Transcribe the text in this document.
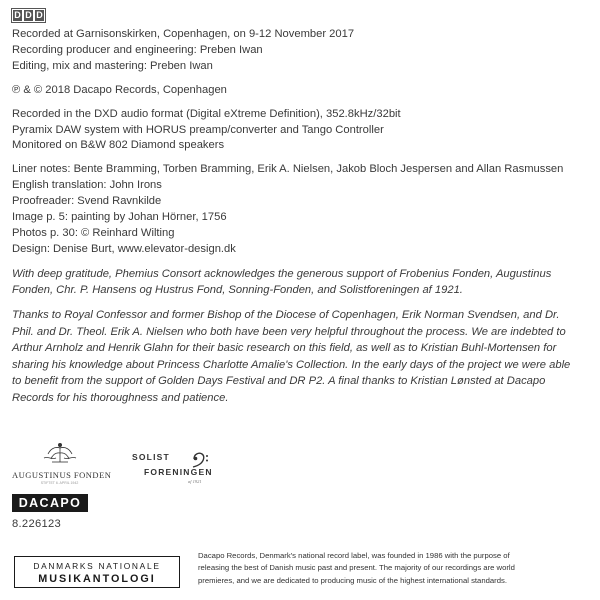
D D D
Recorded at Garnisonskirken, Copenhagen, on 9-12 November 2017
Recording producer and engineering: Preben Iwan
Editing, mix and mastering: Preben Iwan
℗ & © 2018 Dacapo Records, Copenhagen
Recorded in the DXD audio format (Digital eXtreme Definition), 352.8kHz/32bit
Pyramix DAW system with HORUS preamp/converter and Tango Controller
Monitored on B&W 802 Diamond speakers
Liner notes: Bente Bramming, Torben Bramming, Erik A. Nielsen, Jakob Bloch Jespersen and Allan Rasmussen
English translation: John Irons
Proofreader: Svend Ravnkilde
Image p. 5: painting by Johan Hörner, 1756
Photos p. 30: © Reinhard Wilting
Design: Denise Burt, www.elevator-design.dk
With deep gratitude, Phemius Consort acknowledges the generous support of Frobenius Fonden, Augustinus
Fonden, Chr. P. Hansens og Hustrus Fond, Sonning-Fonden, and Solistforeningen af 1921.
Thanks to Royal Confessor and former Bishop of the Diocese of Copenhagen, Erik Norman Svendsen, and Dr.
Phil. and Dr. Theol. Erik A. Nielsen who both have been very helpful throughout the process. We are indebted to
Arthur Arnholz and Henrik Glahn for their basic research on this field, as well as to Kristian Buhl-Mortensen for
sharing his knowledge about Princess Charlotte Amalie's Collection. In the early days of the project we were able
to benefit from the support of Golden Days Festival and DR P2. A final thanks to Kristian Lønsted at Dacapo
Records for his thoroughness and patience.
AUGUSTINUS FONDEN
STIFTET 6. APRIL 1942
SOLIST
FORENINGEN
af 1921
DACAPO
8.226123
DANMARKS NATIONALE
MUSIKANTOLOGI
Dacapo Records, Denmark's national record label, was founded in 1986 with the purpose of
releasing the best of Danish music past and present. The majority of our recordings are world
premieres, and we are dedicated to producing music of the highest international standards.
